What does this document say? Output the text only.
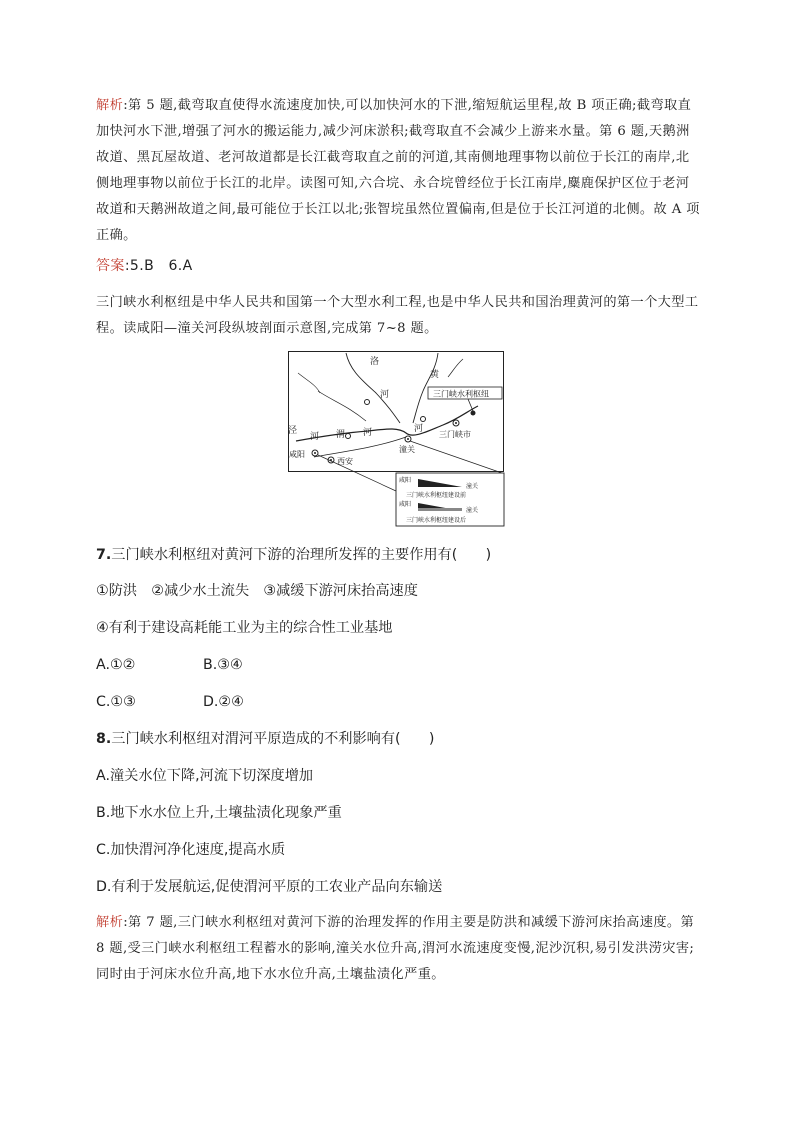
解析:第 5 题,截弯取直使得水流速度加快,可以加快河水的下泄,缩短航运里程,故 B 项正确;截弯取直加快河水下泄,增强了河水的搬运能力,减少河床淤积;截弯取直不会减少上游来水量。第 6 题,天鹅洲故道、黑瓦屋故道、老河故道都是长江截弯取直之前的河道,其南侧地理事物以前位于长江的南岸,北侧地理事物以前位于长江的北岸。读图可知,六合垸、永合垸曾经位于长江南岸,麋鹿保护区位于老河故道和天鹅洲故道之间,最可能位于长江以北;张智垸虽然位置偏南,但是位于长江河道的北侧。故 A 项正确。

答案:5.B　6.A

三门峡水利枢纽是中华人民共和国第一个大型水利工程,也是中华人民共和国治理黄河的第一个大型工程。读咸阳—潼关河段纵坡剖面示意图,完成第 7~8 题。

三门峡水利枢纽
洛
黄
河
河
泾
河 渭 河
潼关
咸阳
西安
三门峡市
咸阳
潼关
三门峡水利枢纽建设前
咸阳
潼关
三门峡水利枢纽建设后

7.三门峡水利枢纽对黄河下游的治理所发挥的主要作用有(　　)

①防洪　②减少水土流失　③减缓下游河床抬高速度

④有利于建设高耗能工业为主的综合性工业基地

A.①②	B.③④
C.①③	D.②④

8.三门峡水利枢纽对渭河平原造成的不利影响有(　　)

A.潼关水位下降,河流下切深度增加
B.地下水水位上升,土壤盐渍化现象严重
C.加快渭河净化速度,提高水质
D.有利于发展航运,促使渭河平原的工农业产品向东输送

解析:第 7 题,三门峡水利枢纽对黄河下游的治理发挥的作用主要是防洪和减缓下游河床抬高速度。第 8 题,受三门峡水利枢纽工程蓄水的影响,潼关水位升高,渭河水流速度变慢,泥沙沉积,易引发洪涝灾害;同时由于河床水位升高,地下水水位升高,土壤盐渍化严重。
